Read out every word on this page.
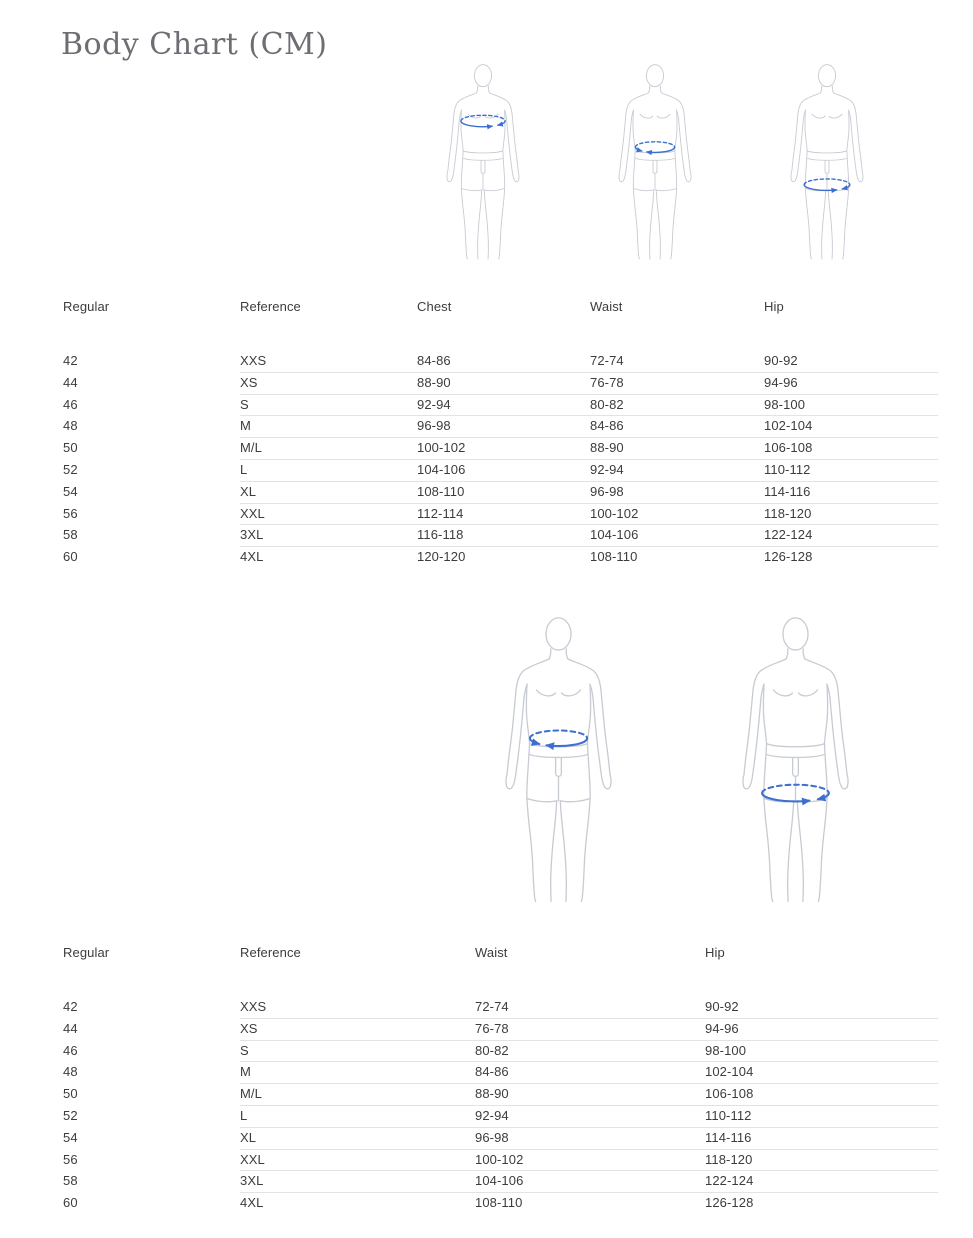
Body Chart (CM)
Regular	Reference	Chest	Waist	Hip
42	XXS	84-86	72-74	90-92
44	XS	88-90	76-78	94-96
46	S	92-94	80-82	98-100
48	M	96-98	84-86	102-104
50	M/L	100-102	88-90	106-108
52	L	104-106	92-94	110-112
54	XL	108-110	96-98	114-116
56	XXL	112-114	100-102	118-120
58	3XL	116-118	104-106	122-124
60	4XL	120-120	108-110	126-128
Regular	Reference	Waist	Hip
42	XXS	72-74	90-92
44	XS	76-78	94-96
46	S	80-82	98-100
48	M	84-86	102-104
50	M/L	88-90	106-108
52	L	92-94	110-112
54	XL	96-98	114-116
56	XXL	100-102	118-120
58	3XL	104-106	122-124
60	4XL	108-110	126-128
